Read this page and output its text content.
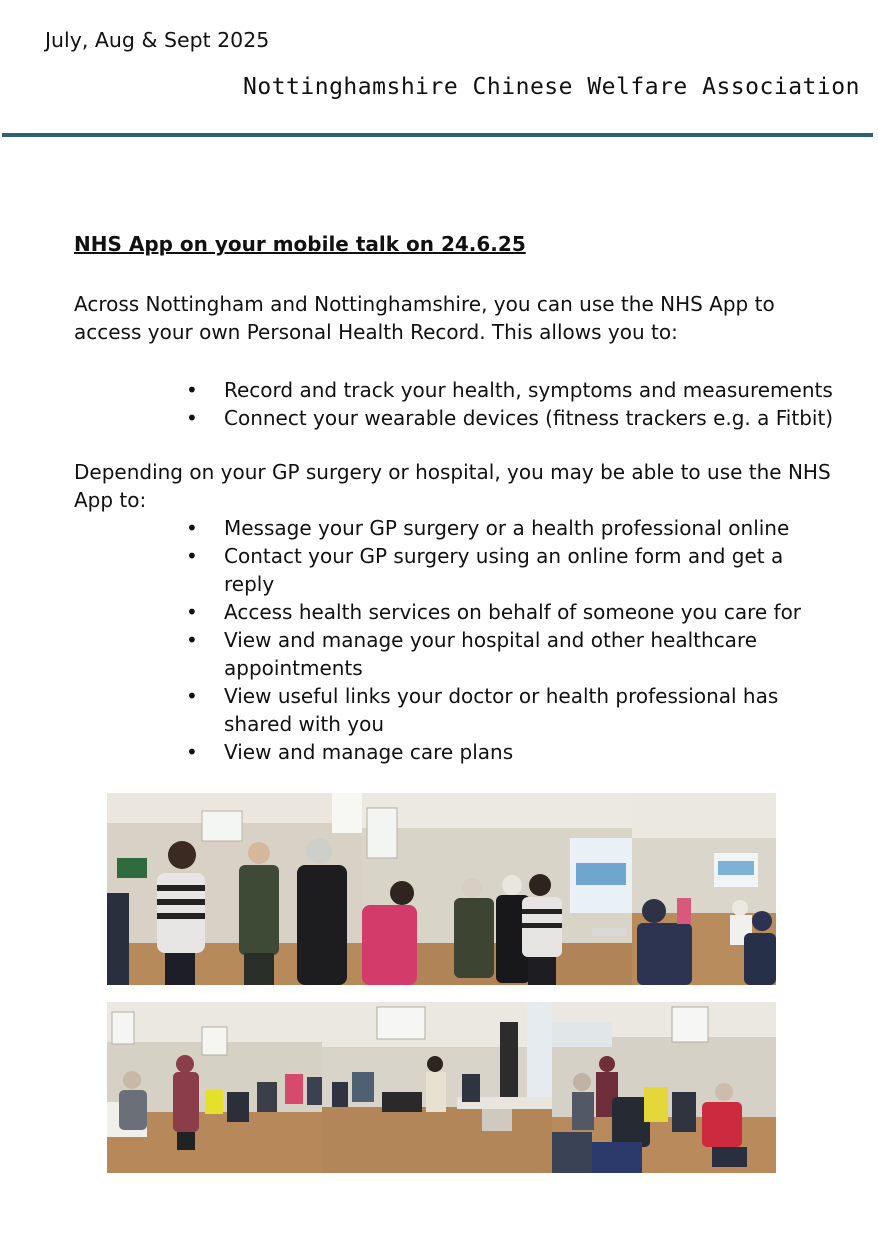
July, Aug & Sept 2025
Nottinghamshire Chinese Welfare Association

NHS App on your mobile talk on 24.6.25

Across Nottingham and Nottinghamshire, you can use the NHS App to access your own Personal Health Record. This allows you to:

• Record and track your health, symptoms and measurements
• Connect your wearable devices (fitness trackers e.g. a Fitbit)

Depending on your GP surgery or hospital, you may be able to use the NHS App to:

• Message your GP surgery or a health professional online
• Contact your GP surgery using an online form and get a reply
• Access health services on behalf of someone you care for
• View and manage your hospital and other healthcare appointments
• View useful links your doctor or health professional has shared with you
• View and manage care plans
